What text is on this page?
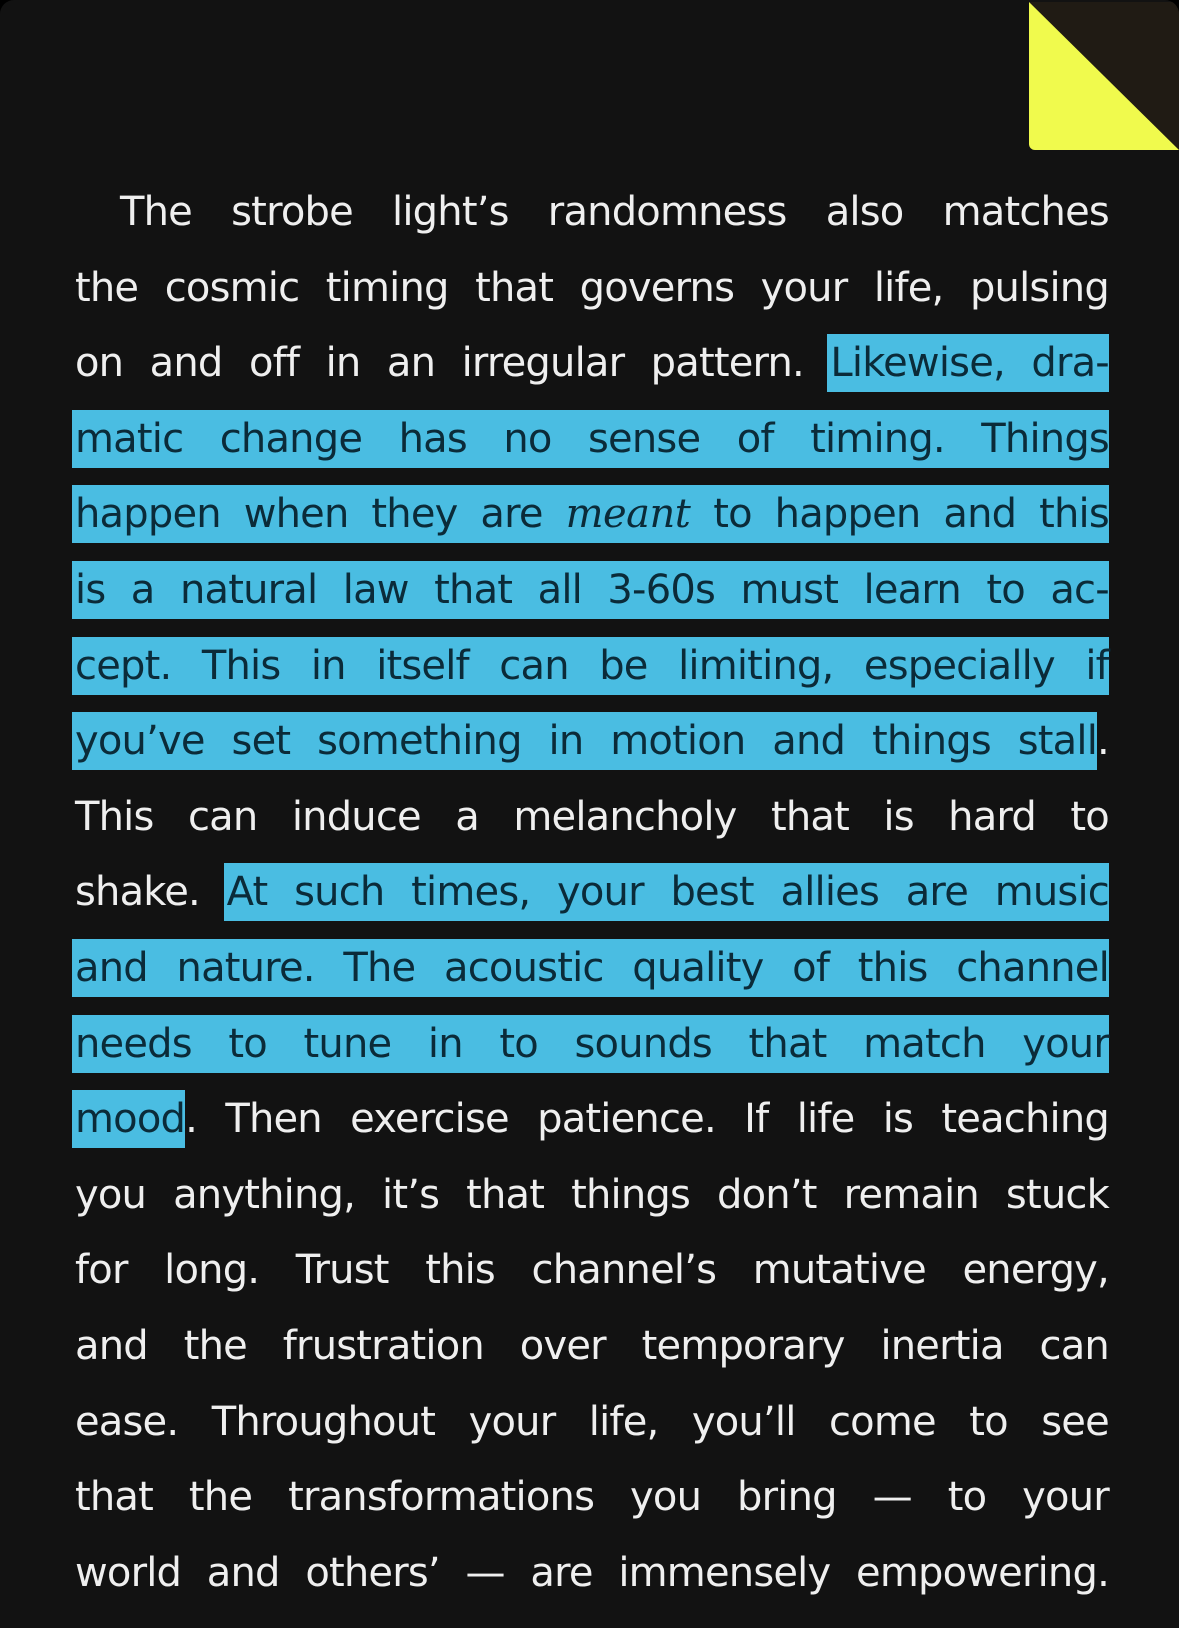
The strobe light’s randomness also matches
the cosmic timing that governs your life, pulsing
on and off in an irregular pattern. Likewise, dra-
matic change has no sense of timing. Things
happen when they are meant to happen and this
is a natural law that all 3-60s must learn to ac-
cept. This in itself can be limiting, especially if
you’ve set something in motion and things stall.
This can induce a melancholy that is hard to
shake. At such times, your best allies are music
and nature. The acoustic quality of this channel
needs to tune in to sounds that match your
mood. Then exercise patience. If life is teaching
you anything, it’s that things don’t remain stuck
for long. Trust this channel’s mutative energy,
and the frustration over temporary inertia can
ease. Throughout your life, you’ll come to see
that the transformations you bring — to your
world and others’ — are immensely empowering.
